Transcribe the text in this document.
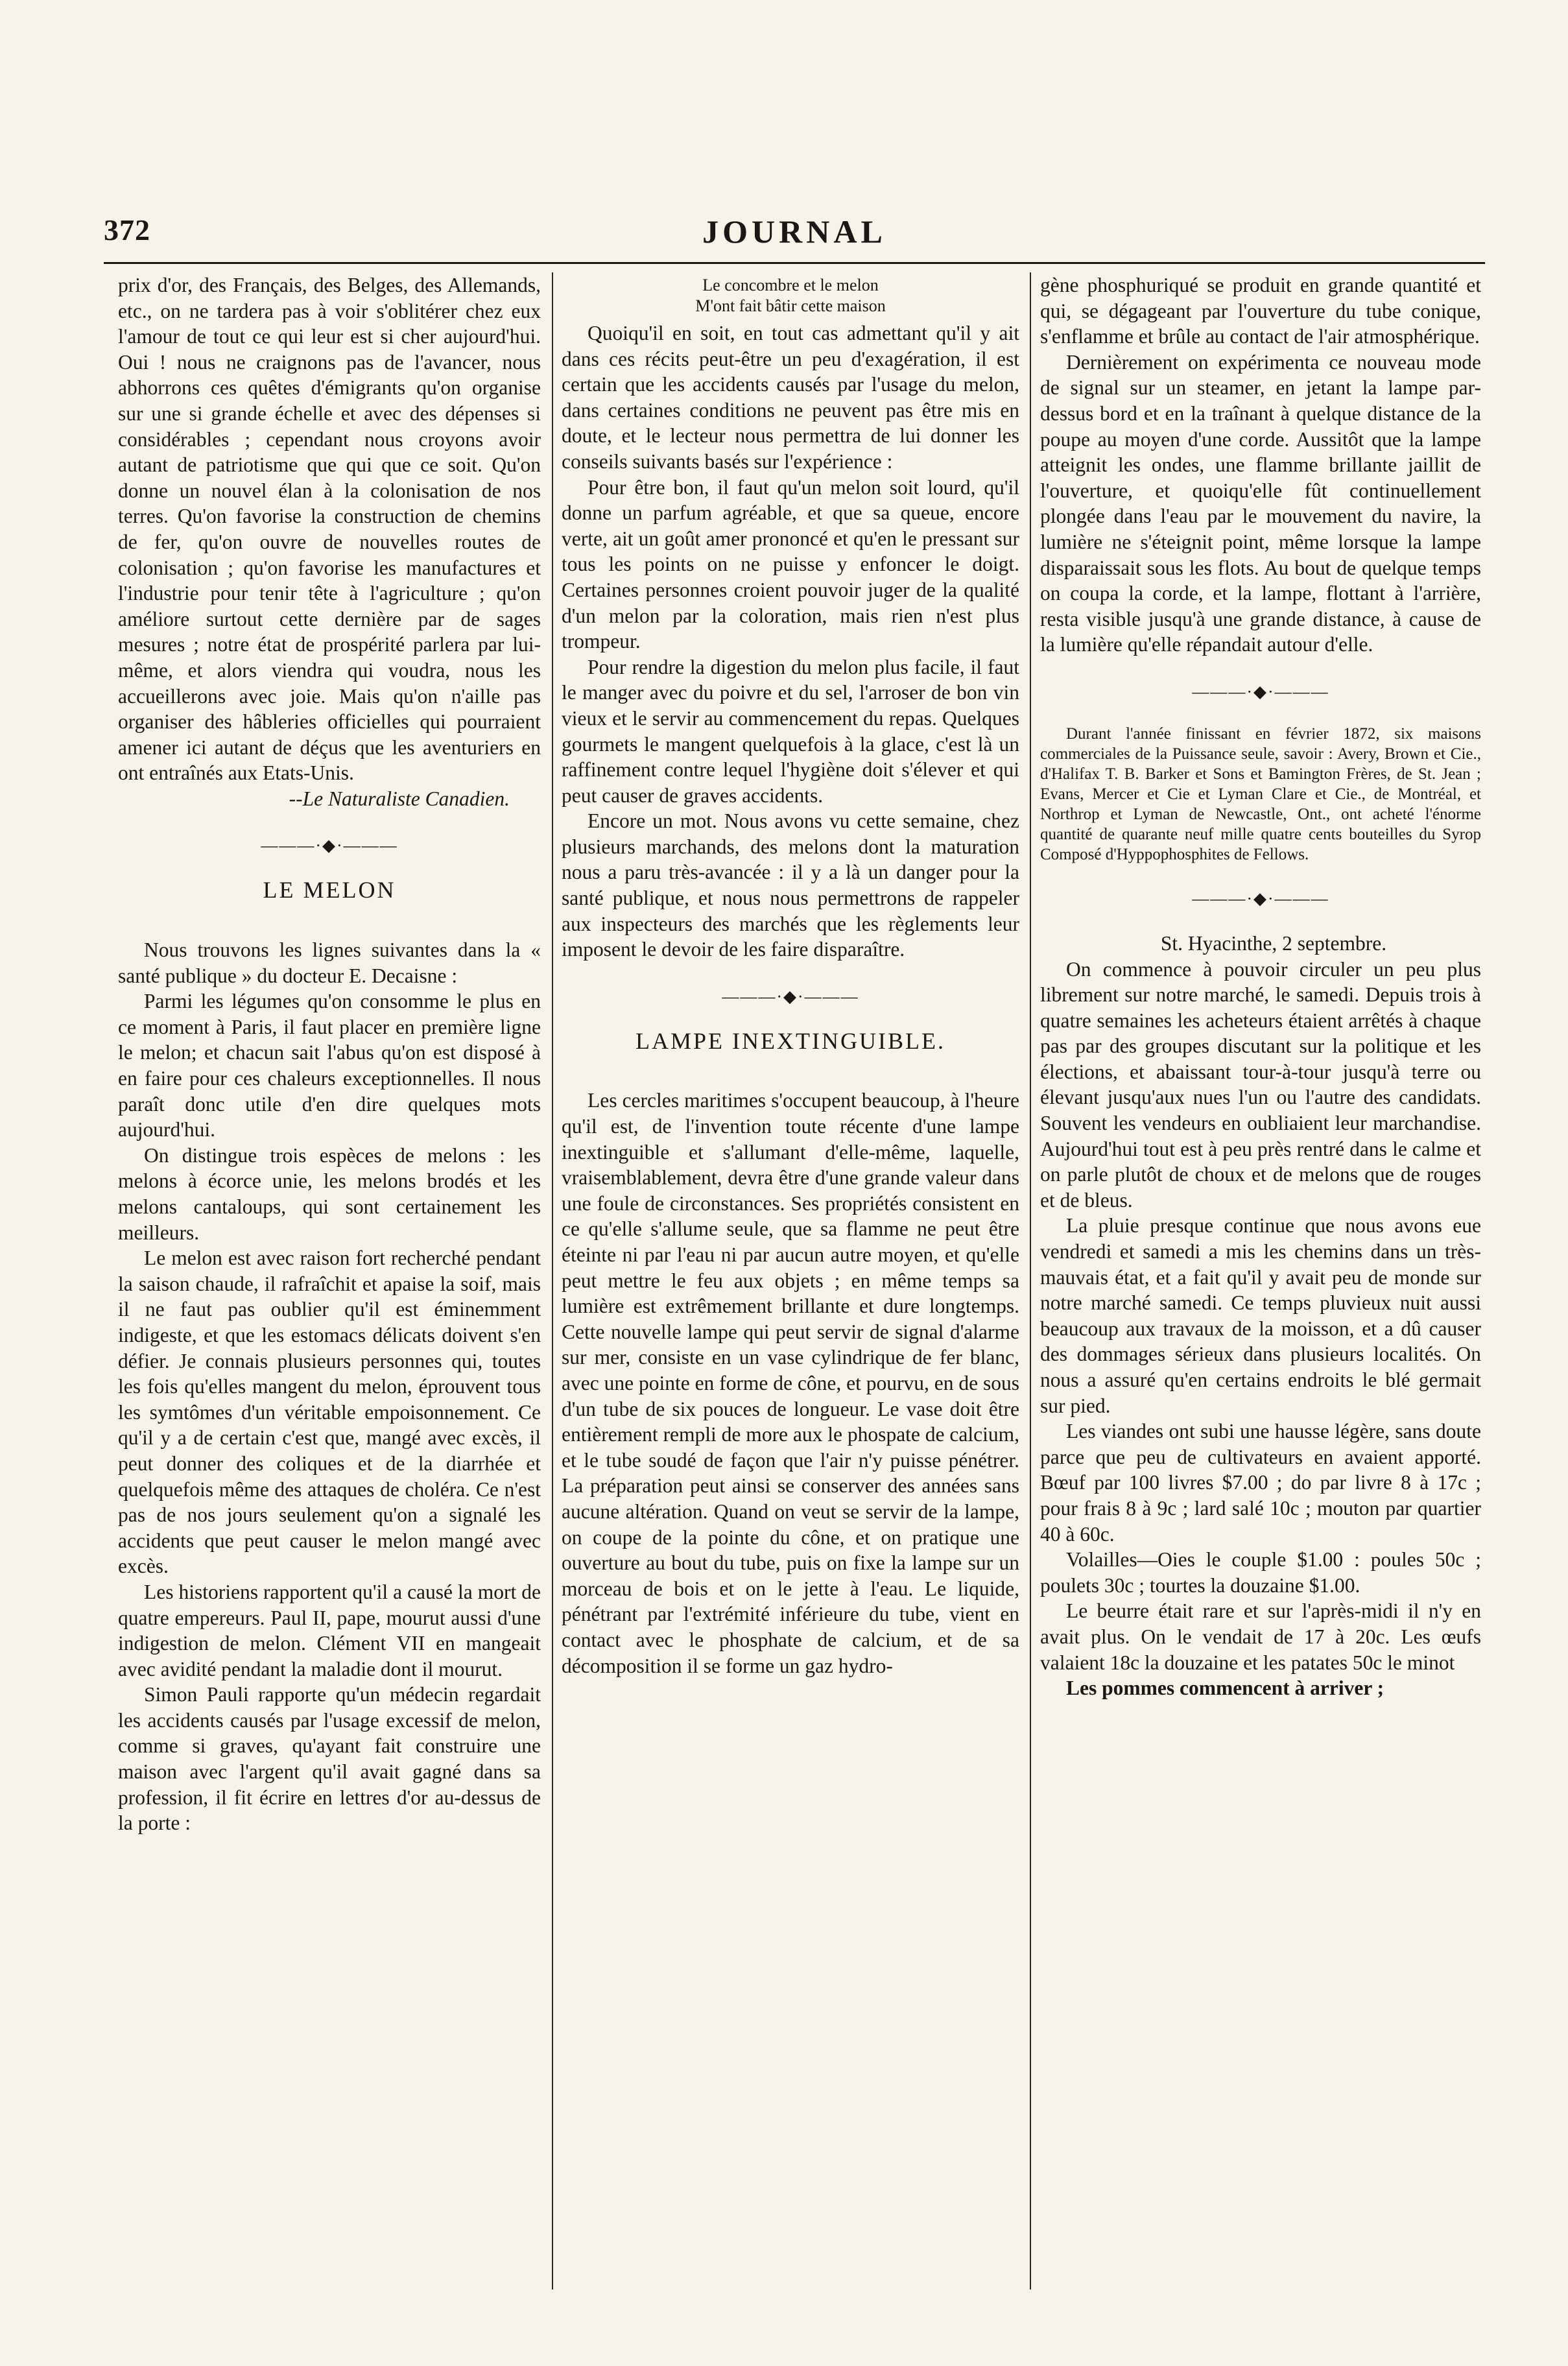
372	JOURNAL

prix d'or, des Français, des Belges, des Allemands, etc., on ne tardera pas à voir s'oblitérer chez eux l'amour de tout ce qui leur est si cher aujourd'hui. Oui ! nous ne craignons pas de l'avancer, nous abhorrons ces quêtes d'émigrants qu'on organise sur une si grande échelle et avec des dépenses si considérables ; cependant nous croyons avoir autant de patriotisme que qui que ce soit. Qu'on donne un nouvel élan à la colonisation de nos terres. Qu'on favorise la construction de chemins de fer, qu'on ouvre de nouvelles routes de colonisation ; qu'on favorise les manufactures et l'industrie pour tenir tête à l'agriculture ; qu'on améliore surtout cette dernière par de sages mesures ; notre état de prospérité parlera par lui-même, et alors viendra qui voudra, nous les accueillerons avec joie. Mais qu'on n'aille pas organiser des hâbleries officielles qui pourraient amener ici autant de déçus que les aventuriers en ont entraînés aux Etats-Unis.

--Le Naturaliste Canadien.

———·◆·———
LE MELON

Nous trouvons les lignes suivantes dans la « santé publique » du docteur E. Decaisne :

Parmi les légumes qu'on consomme le plus en ce moment à Paris, il faut placer en première ligne le melon; et chacun sait l'abus qu'on est disposé à en faire pour ces chaleurs exceptionnelles. Il nous paraît donc utile d'en dire quelques mots aujourd'hui.

On distingue trois espèces de melons : les melons à écorce unie, les melons brodés et les melons cantaloups, qui sont certainement les meilleurs.

Le melon est avec raison fort recherché pendant la saison chaude, il rafraîchit et apaise la soif, mais il ne faut pas oublier qu'il est éminemment indigeste, et que les estomacs délicats doivent s'en défier. Je connais plusieurs personnes qui, toutes les fois qu'elles mangent du melon, éprouvent tous les symtômes d'un véritable empoisonnement. Ce qu'il y a de certain c'est que, mangé avec excès, il peut donner des coliques et de la diarrhée et quelquefois même des attaques de choléra. Ce n'est pas de nos jours seulement qu'on a signalé les accidents que peut causer le melon mangé avec excès.

Les historiens rapportent qu'il a causé la mort de quatre empereurs. Paul II, pape, mourut aussi d'une indigestion de melon. Clément VII en mangeait avec avidité pendant la maladie dont il mourut.

Simon Pauli rapporte qu'un médecin regardait les accidents causés par l'usage excessif de melon, comme si graves, qu'ayant fait construire une maison avec l'argent qu'il avait gagné dans sa profession, il fit écrire en lettres d'or au-dessus de la porte :

Le concombre et le melon
M'ont fait bâtir cette maison

Quoiqu'il en soit, en tout cas admettant qu'il y ait dans ces récits peut-être un peu d'exagération, il est certain que les accidents causés par l'usage du melon, dans certaines conditions ne peuvent pas être mis en doute, et le lecteur nous permettra de lui donner les conseils suivants basés sur l'expérience :

Pour être bon, il faut qu'un melon soit lourd, qu'il donne un parfum agréable, et que sa queue, encore verte, ait un goût amer prononcé et qu'en le pressant sur tous les points on ne puisse y enfoncer le doigt. Certaines personnes croient pouvoir juger de la qualité d'un melon par la coloration, mais rien n'est plus trompeur.

Pour rendre la digestion du melon plus facile, il faut le manger avec du poivre et du sel, l'arroser de bon vin vieux et le servir au commencement du repas. Quelques gourmets le mangent quelquefois à la glace, c'est là un raffinement contre lequel l'hygiène doit s'élever et qui peut causer de graves accidents.

Encore un mot. Nous avons vu cette semaine, chez plusieurs marchands, des melons dont la maturation nous a paru très-avancée : il y a là un danger pour la santé publique, et nous nous permettrons de rappeler aux inspecteurs des marchés que les règlements leur imposent le devoir de les faire disparaître.

———·◆·———
LAMPE INEXTINGUIBLE.

Les cercles maritimes s'occupent beaucoup, à l'heure qu'il est, de l'invention toute récente d'une lampe inextinguible et s'allumant d'elle-même, laquelle, vraisemblablement, devra être d'une grande valeur dans une foule de circonstances. Ses propriétés consistent en ce qu'elle s'allume seule, que sa flamme ne peut être éteinte ni par l'eau ni par aucun autre moyen, et qu'elle peut mettre le feu aux objets ; en même temps sa lumière est extrêmement brillante et dure longtemps. Cette nouvelle lampe qui peut servir de signal d'alarme sur mer, consiste en un vase cylindrique de fer blanc, avec une pointe en forme de cône, et pourvu, en de sous d'un tube de six pouces de longueur. Le vase doit être entièrement rempli de more aux le phospate de calcium, et le tube soudé de façon que l'air n'y puisse pénétrer. La préparation peut ainsi se conserver des années sans aucune altération. Quand on veut se servir de la lampe, on coupe de la pointe du cône, et on pratique une ouverture au bout du tube, puis on fixe la lampe sur un morceau de bois et on le jette à l'eau. Le liquide, pénétrant par l'extrémité inférieure du tube, vient en contact avec le phosphate de calcium, et de sa décomposition il se forme un gaz hydro-

gène phosphuriqué se produit en grande quantité et qui, se dégageant par l'ouverture du tube conique, s'enflamme et brûle au contact de l'air atmosphérique.

Dernièrement on expérimenta ce nouveau mode de signal sur un steamer, en jetant la lampe par-dessus bord et en la traînant à quelque distance de la poupe au moyen d'une corde. Aussitôt que la lampe atteignit les ondes, une flamme brillante jaillit de l'ouverture, et quoiqu'elle fût continuellement plongée dans l'eau par le mouvement du navire, la lumière ne s'éteignit point, même lorsque la lampe disparaissait sous les flots. Au bout de quelque temps on coupa la corde, et la lampe, flottant à l'arrière, resta visible jusqu'à une grande distance, à cause de la lumière qu'elle répandait autour d'elle.

———·◆·———

Durant l'année finissant en février 1872, six maisons commerciales de la Puissance seule, savoir : Avery, Brown et Cie., d'Halifax T. B. Barker et Sons et Bamington Frères, de St. Jean ; Evans, Mercer et Cie et Lyman Clare et Cie., de Montréal, et Northrop et Lyman de Newcastle, Ont., ont acheté l'énorme quantité de quarante neuf mille quatre cents bouteilles du Syrop Composé d'Hyppophosphites de Fellows.

———·◆·———

St. Hyacinthe, 2 septembre.

On commence à pouvoir circuler un peu plus librement sur notre marché, le samedi. Depuis trois à quatre semaines les acheteurs étaient arrêtés à chaque pas par des groupes discutant sur la politique et les élections, et abaissant tour-à-tour jusqu'à terre ou élevant jusqu'aux nues l'un ou l'autre des candidats. Souvent les vendeurs en oubliaient leur marchandise. Aujourd'hui tout est à peu près rentré dans le calme et on parle plutôt de choux et de melons que de rouges et de bleus.

La pluie presque continue que nous avons eue vendredi et samedi a mis les chemins dans un très-mauvais état, et a fait qu'il y avait peu de monde sur notre marché samedi. Ce temps pluvieux nuit aussi beaucoup aux travaux de la moisson, et a dû causer des dommages sérieux dans plusieurs localités. On nous a assuré qu'en certains endroits le blé germait sur pied.

Les viandes ont subi une hausse légère, sans doute parce que peu de cultivateurs en avaient apporté. Bœuf par 100 livres $7.00 ; do par livre 8 à 17c ; pour frais 8 à 9c ; lard salé 10c ; mouton par quartier 40 à 60c.

Volailles—Oies le couple $1.00 : poules 50c ; poulets 30c ; tourtes la douzaine $1.00.

Le beurre était rare et sur l'après-midi il n'y en avait plus. On le vendait de 17 à 20c. Les œufs valaient 18c la douzaine et les patates 50c le minot

Les pommes commencent à arriver ;
